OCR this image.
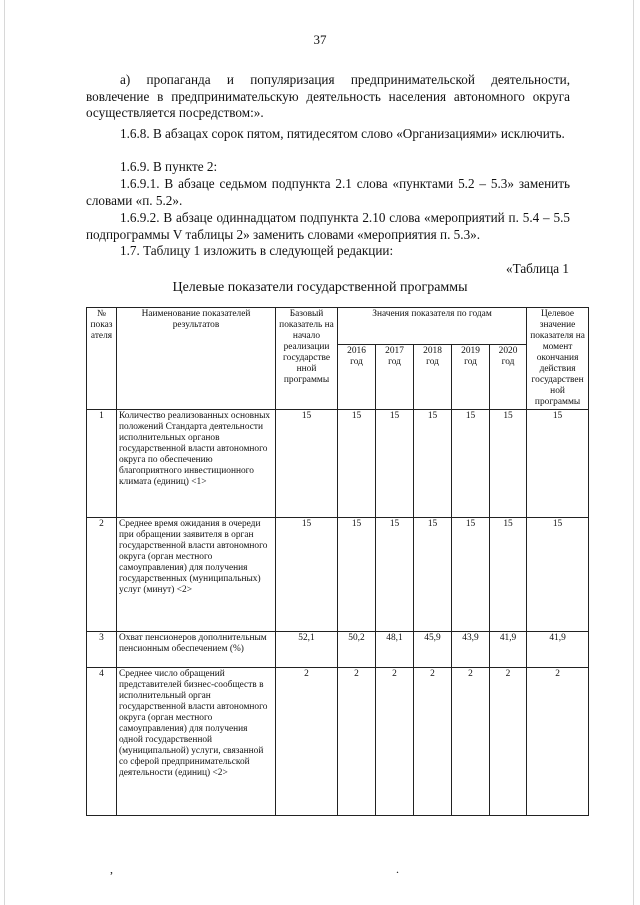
37
а) пропаганда и популяризация предпринимательской деятельности, вовлечение в предпринимательскую деятельность населения автономного округа осуществляется посредством:».
1.6.8. В абзацах сорок пятом, пятидесятом слово «Организациями» исключить.
1.6.9. В пункте 2:
1.6.9.1. В абзаце седьмом подпункта 2.1 слова «пунктами 5.2 – 5.3» заменить словами «п. 5.2».
1.6.9.2. В абзаце одиннадцатом подпункта 2.10 слова «мероприятий п. 5.4 – 5.5 подпрограммы V таблицы 2» заменить словами «мероприятия п. 5.3».
1.7. Таблицу 1 изложить в следующей редакции:
«Таблица 1
Целевые показатели государственной программы
№ показ ателя	Наименование показателей результатов	Базовый показатель на начало реализации государстве нной программы	Значения показателя по годам					Целевое значение показателя на момент окончания действия государствен ной программы
			2016 год	2017 год	2018 год	2019 год	2020 год	
1	Количество реализованных основных положений Стандарта деятельности исполнительных органов государственной власти автономного округа по обеспечению благоприятного инвестиционного климата (единиц) <1>	15	15	15	15	15	15	15
2	Среднее время ожидания в очереди при обращении заявителя в орган государственной власти автономного округа (орган местного самоуправления) для получения государственных (муниципальных) услуг (минут) <2>	15	15	15	15	15	15	15
3	Охват пенсионеров дополнительным пенсионным обеспечением (%)	52,1	50,2	48,1	45,9	43,9	41,9	41,9
4	Среднее число обращений представителей бизнес-сообществ в исполнительный орган государственной власти автономного округа (орган местного самоуправления) для получения одной государственной (муниципальной) услуги, связанной со сферой предпринимательской деятельности (единиц) <2>	2	2	2	2	2	2	2
,	.
